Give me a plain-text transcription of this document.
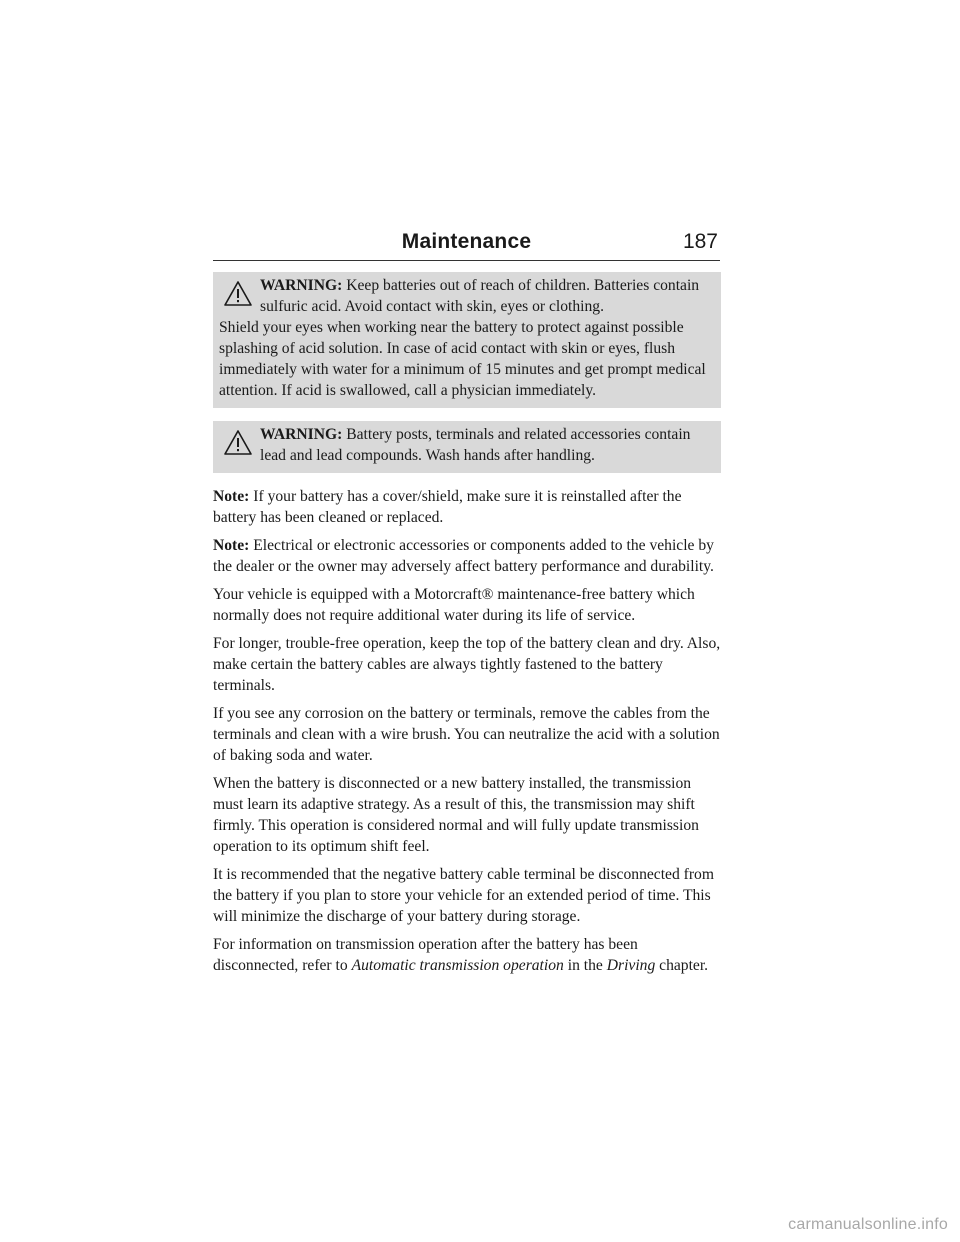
Maintenance	187

WARNING: Keep batteries out of reach of children. Batteries contain sulfuric acid. Avoid contact with skin, eyes or clothing.

Shield your eyes when working near the battery to protect against possible splashing of acid solution. In case of acid contact with skin or eyes, flush immediately with water for a minimum of 15 minutes and get prompt medical attention. If acid is swallowed, call a physician immediately.

WARNING: Battery posts, terminals and related accessories contain lead and lead compounds. Wash hands after handling.

Note: If your battery has a cover/shield, make sure it is reinstalled after the battery has been cleaned or replaced.

Note: Electrical or electronic accessories or components added to the vehicle by the dealer or the owner may adversely affect battery performance and durability.

Your vehicle is equipped with a Motorcraft® maintenance-free battery which normally does not require additional water during its life of service.

For longer, trouble-free operation, keep the top of the battery clean and dry. Also, make certain the battery cables are always tightly fastened to the battery terminals.

If you see any corrosion on the battery or terminals, remove the cables from the terminals and clean with a wire brush. You can neutralize the acid with a solution of baking soda and water.

When the battery is disconnected or a new battery installed, the transmission must learn its adaptive strategy. As a result of this, the transmission may shift firmly. This operation is considered normal and will fully update transmission operation to its optimum shift feel.

It is recommended that the negative battery cable terminal be disconnected from the battery if you plan to store your vehicle for an extended period of time. This will minimize the discharge of your battery during storage.

For information on transmission operation after the battery has been disconnected, refer to Automatic transmission operation in the Driving chapter.

carmanualsonline.info
